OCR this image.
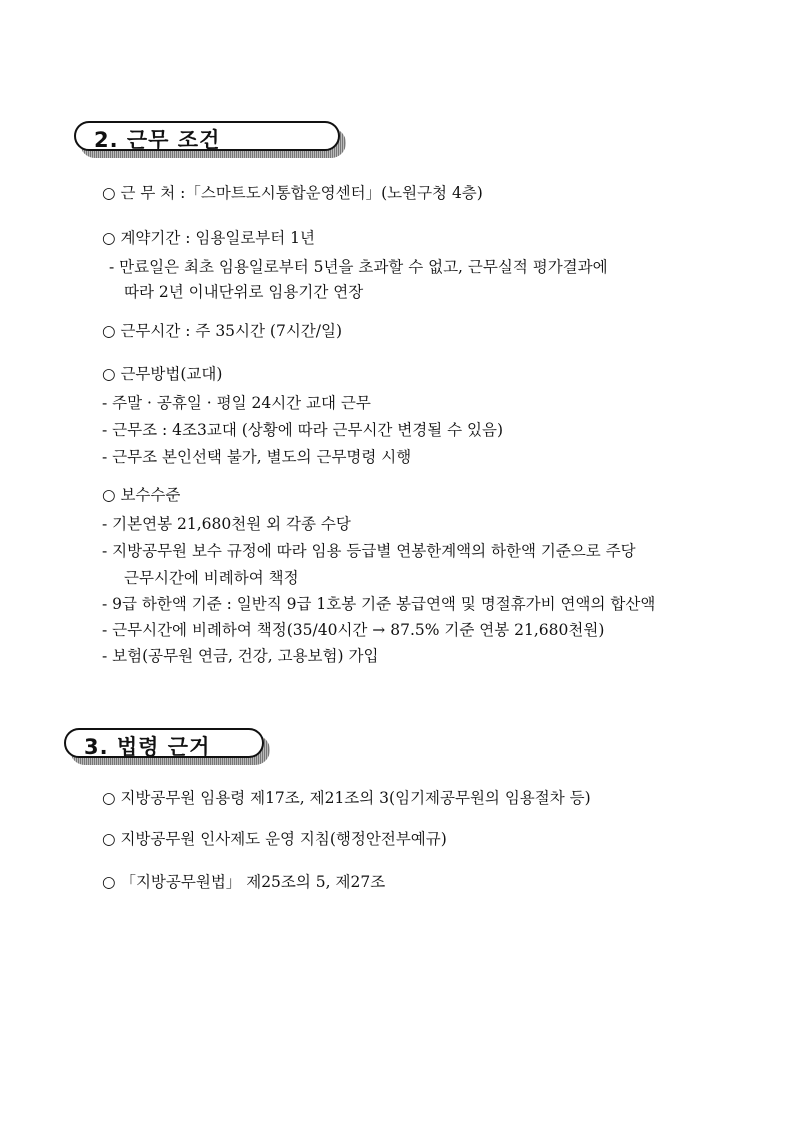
2. 근무 조건
○ 근 무 처 :「스마트도시통합운영센터」(노원구청 4층)
○ 계약기간 : 임용일로부터 1년
- 만료일은 최초 임용일로부터 5년을 초과할 수 없고, 근무실적 평가결과에
따라 2년 이내단위로 임용기간 연장
○ 근무시간 : 주 35시간 (7시간/일)
○ 근무방법(교대)
- 주말 · 공휴일 · 평일 24시간 교대 근무
- 근무조 : 4조3교대 (상황에 따라 근무시간 변경될 수 있음)
- 근무조 본인선택 불가, 별도의 근무명령 시행
○ 보수수준
- 기본연봉 21,680천원 외 각종 수당
- 지방공무원 보수 규정에 따라 임용 등급별 연봉한계액의 하한액 기준으로 주당
근무시간에 비례하여 책정
- 9급 하한액 기준 : 일반직 9급 1호봉 기준 봉급연액 및 명절휴가비 연액의 합산액
- 근무시간에 비례하여 책정(35/40시간 → 87.5% 기준 연봉 21,680천원)
- 보험(공무원 연금, 건강, 고용보험) 가입
3. 법령 근거
○ 지방공무원 임용령 제17조, 제21조의 3(임기제공무원의 임용절차 등)
○ 지방공무원 인사제도 운영 지침(행정안전부예규)
○ 「지방공무원법」 제25조의 5, 제27조
